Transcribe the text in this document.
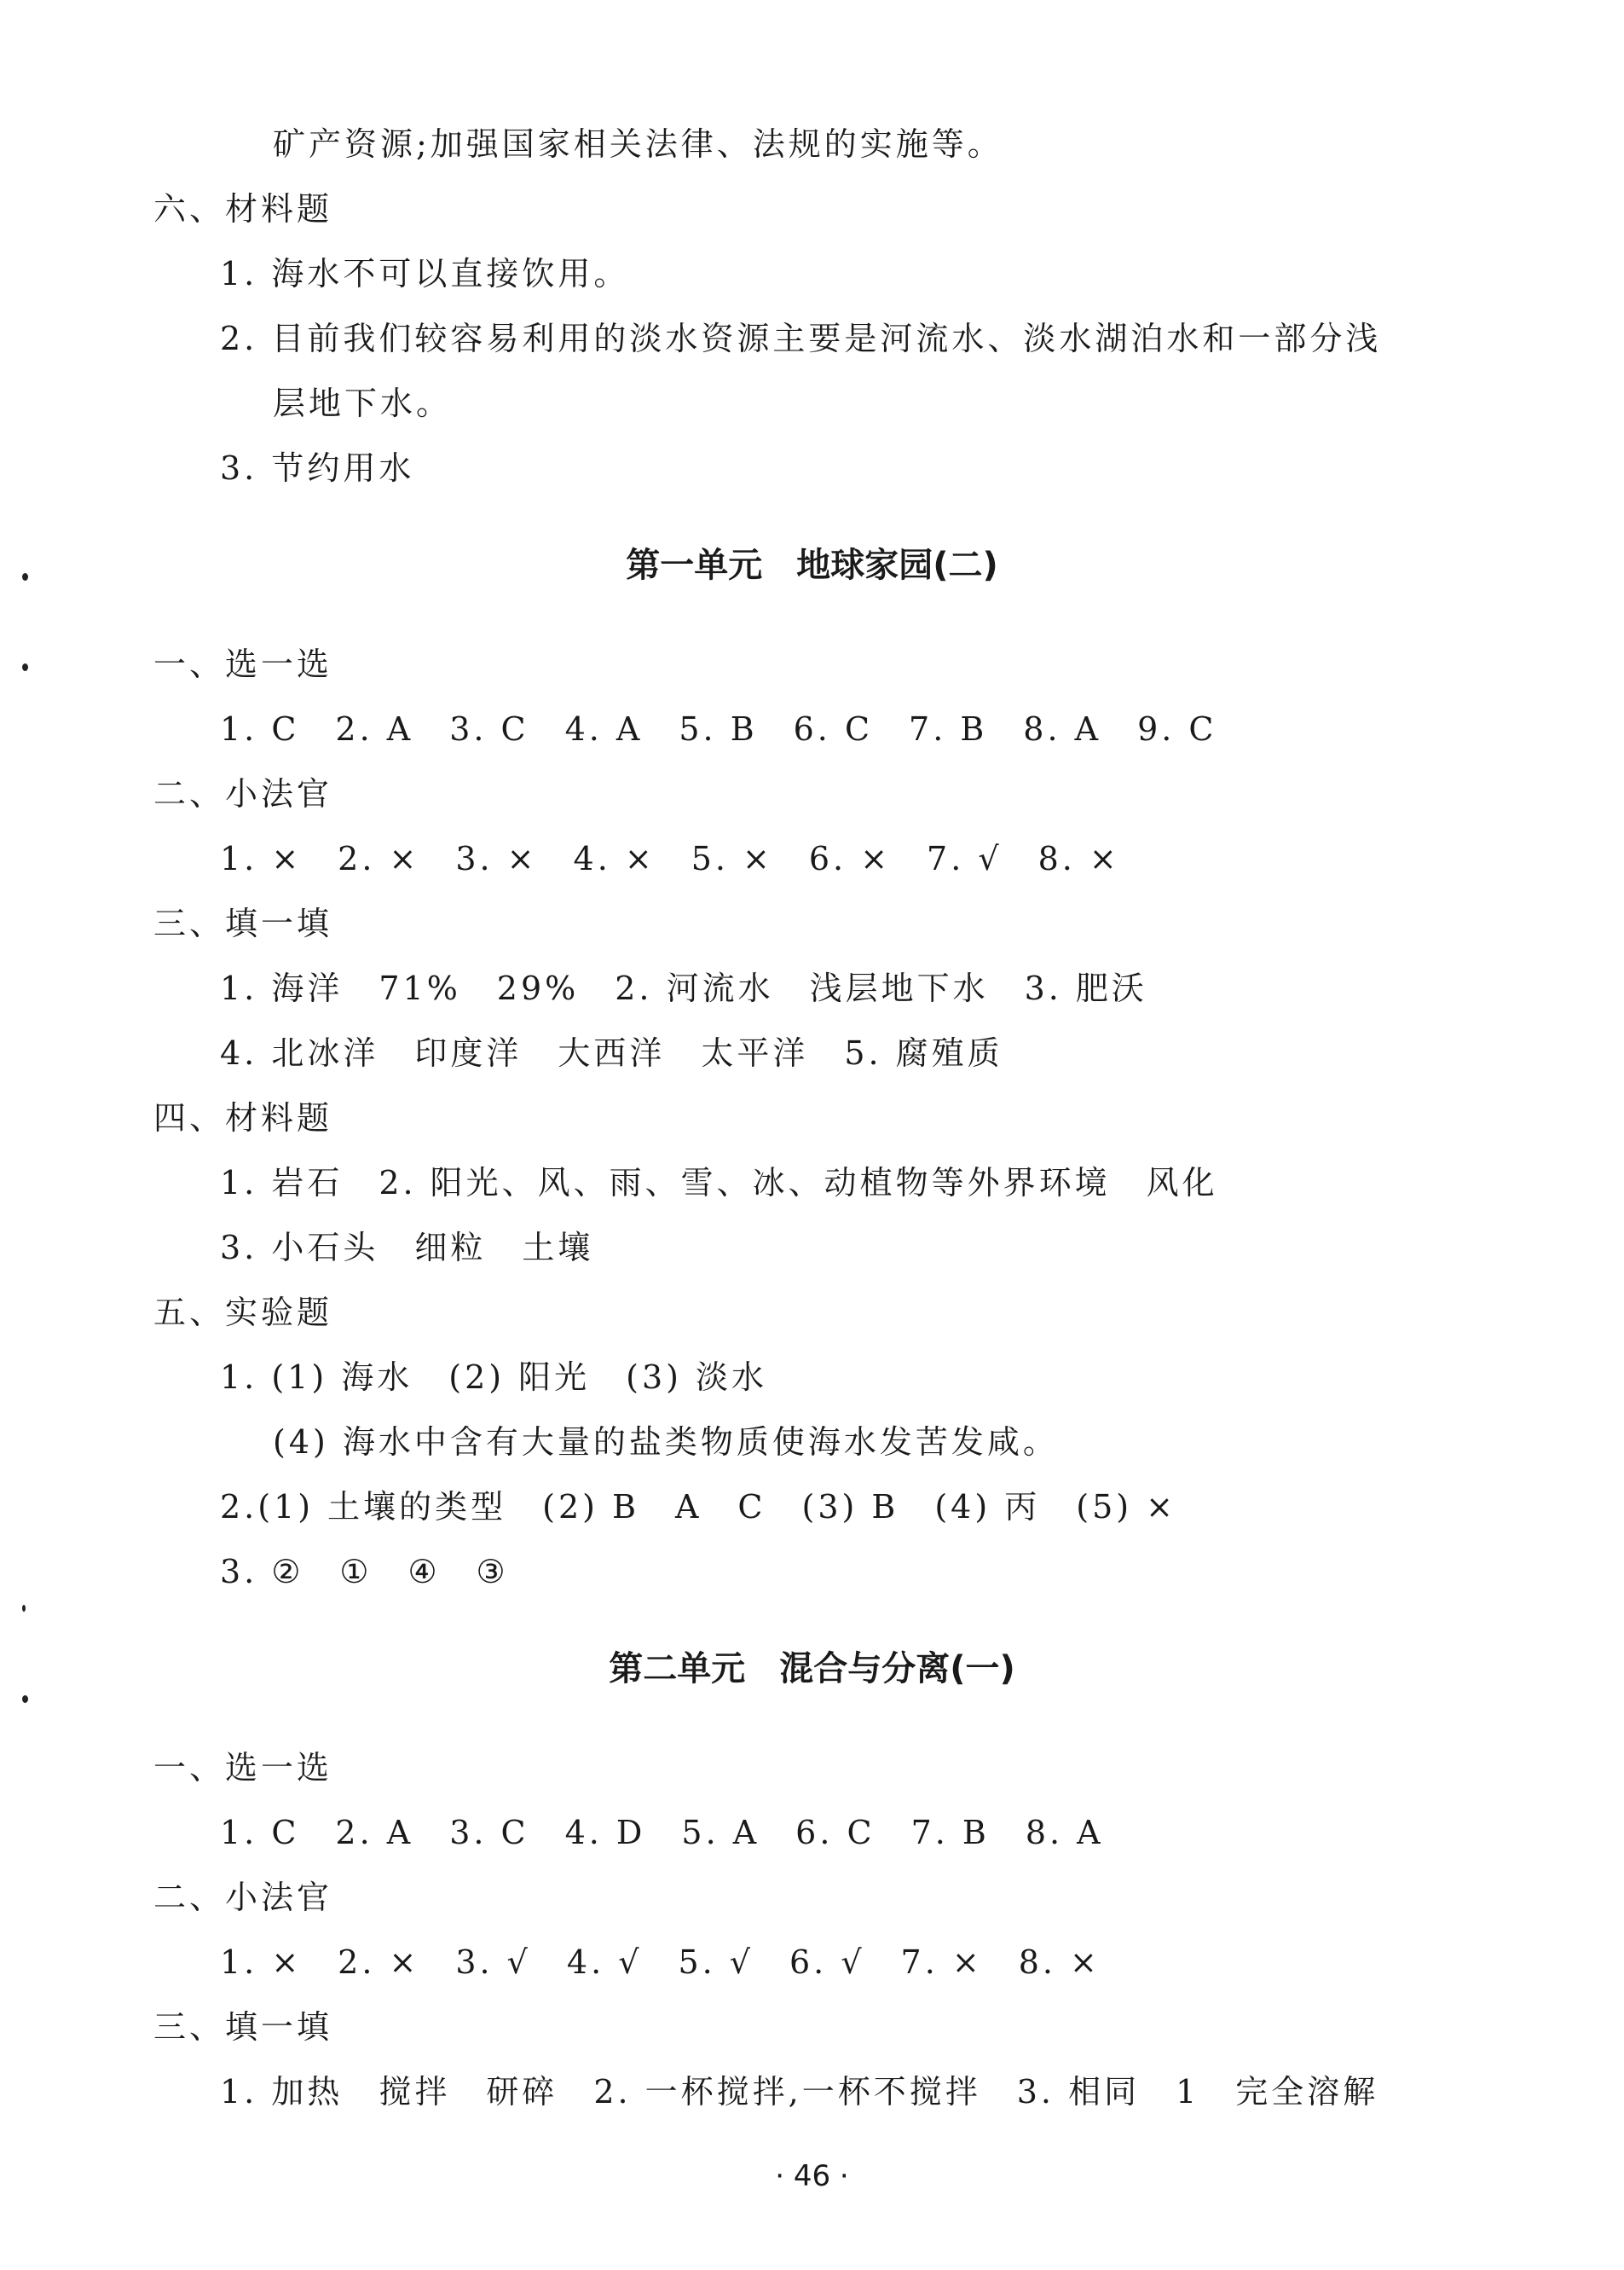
矿产资源;加强国家相关法律、法规的实施等。
六、材料题
1. 海水不可以直接饮用。
2. 目前我们较容易利用的淡水资源主要是河流水、淡水湖泊水和一部分浅
层地下水。
3. 节约用水
第一单元　地球家园(二)
一、选一选
1. C　2. A　3. C　4. A　5. B　6. C　7. B　8. A　9. C
二、小法官
1. ×　2. ×　3. ×　4. ×　5. ×　6. ×　7. √　8. ×
三、填一填
1. 海洋　71%　29%　2. 河流水　浅层地下水　3. 肥沃
4. 北冰洋　印度洋　大西洋　太平洋　5. 腐殖质
四、材料题
1. 岩石　2. 阳光、风、雨、雪、冰、动植物等外界环境　风化
3. 小石头　细粒　土壤
五、实验题
1. (1) 海水　(2) 阳光　(3) 淡水
(4) 海水中含有大量的盐类物质使海水发苦发咸。
2.(1) 土壤的类型　(2) B　A　C　(3) B　(4) 丙　(5) ×
3. ②　①　④　③
第二单元　混合与分离(一)
一、选一选
1. C　2. A　3. C　4. D　5. A　6. C　7. B　8. A
二、小法官
1. ×　2. ×　3. √　4. √　5. √　6. √　7. ×　8. ×
三、填一填
1. 加热　搅拌　研碎　2. 一杯搅拌,一杯不搅拌　3. 相同　1　完全溶解
· 46 ·
